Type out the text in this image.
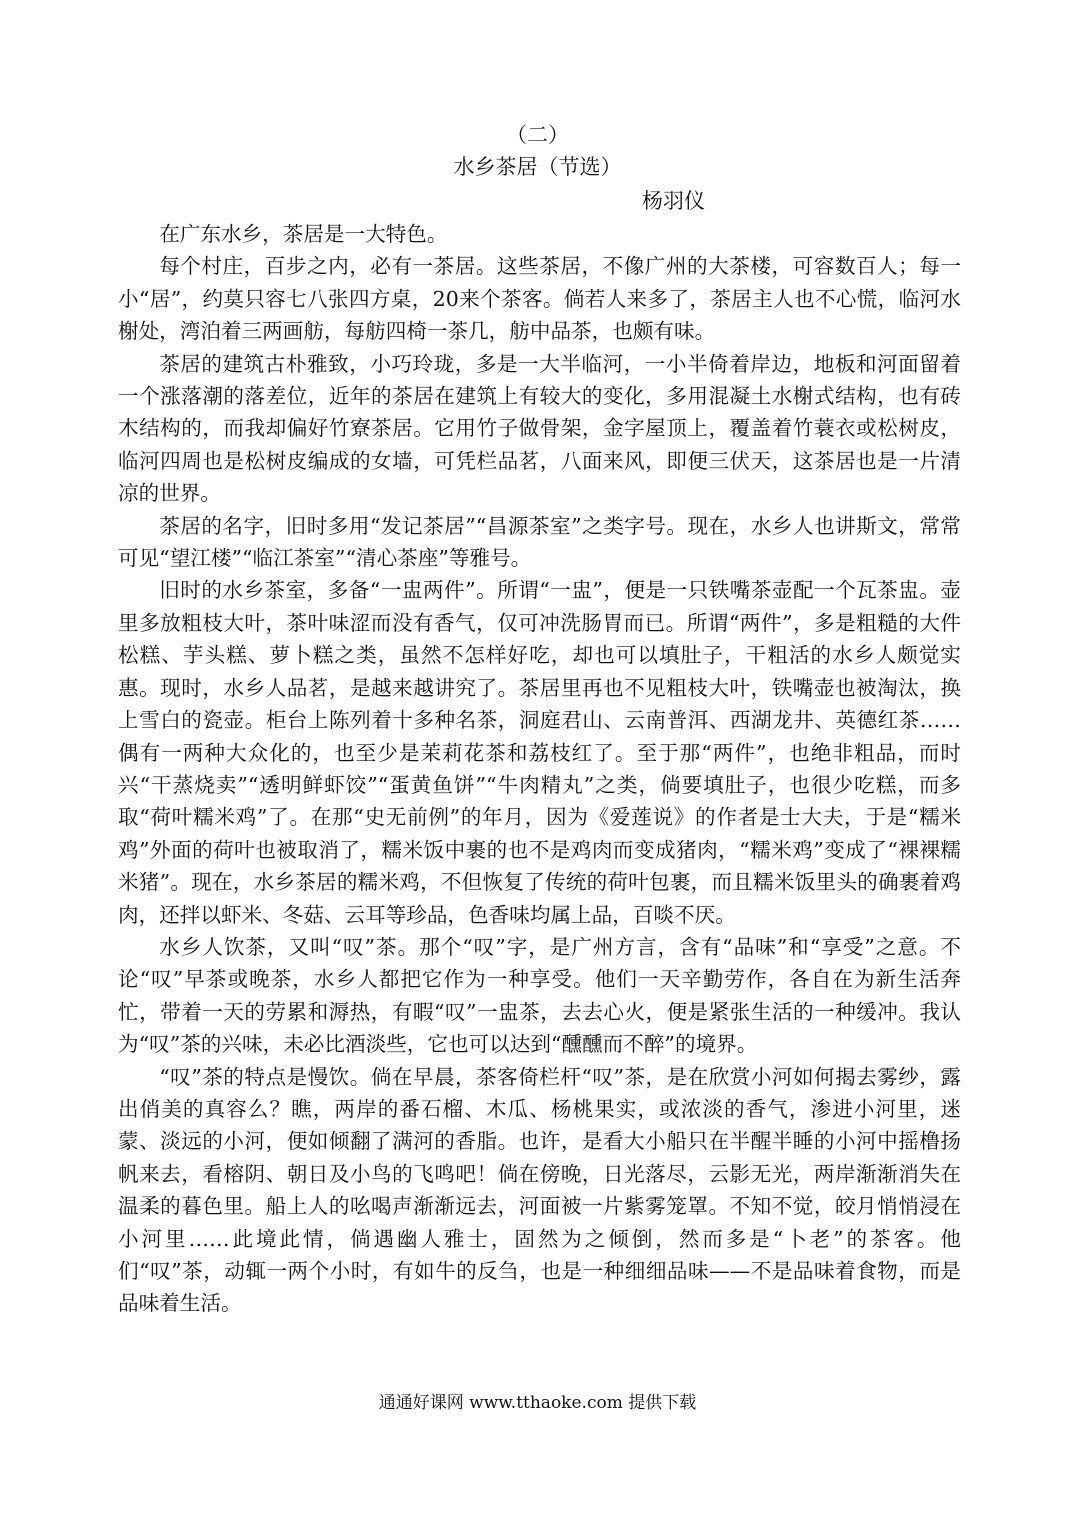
（二）
水乡茶居（节选）
杨羽仪

在广东水乡，茶居是一大特色。

每个村庄，百步之内，必有一茶居。这些茶居，不像广州的大茶楼，可容数百人；每一小“居”，约莫只容七八张四方桌，20来个茶客。倘若人来多了，茶居主人也不心慌，临河水榭处，湾泊着三两画舫，每舫四椅一茶几，舫中品茶，也颇有味。

茶居的建筑古朴雅致，小巧玲珑，多是一大半临河，一小半倚着岸边，地板和河面留着一个涨落潮的落差位，近年的茶居在建筑上有较大的变化，多用混凝土水榭式结构，也有砖木结构的，而我却偏好竹寮茶居。它用竹子做骨架，金字屋顶上，覆盖着竹蓑衣或松树皮，临河四周也是松树皮编成的女墙，可凭栏品茗，八面来风，即便三伏天，这茶居也是一片清凉的世界。

茶居的名字，旧时多用“发记茶居”“昌源茶室”之类字号。现在，水乡人也讲斯文，常常可见“望江楼”“临江茶室”“清心茶座”等雅号。

旧时的水乡茶室，多备“一盅两件”。所谓“一盅”，便是一只铁嘴茶壶配一个瓦茶盅。壶里多放粗枝大叶，茶叶味涩而没有香气，仅可冲洗肠胃而已。所谓“两件”，多是粗糙的大件松糕、芋头糕、萝卜糕之类，虽然不怎样好吃，却也可以填肚子，干粗活的水乡人颇觉实惠。现时，水乡人品茗，是越来越讲究了。茶居里再也不见粗枝大叶，铁嘴壶也被淘汰，换上雪白的瓷壶。柜台上陈列着十多种名茶，洞庭君山、云南普洱、西湖龙井、英德红茶……偶有一两种大众化的，也至少是茉莉花茶和荔枝红了。至于那“两件”，也绝非粗品，而时兴“干蒸烧卖”“透明鲜虾饺”“蛋黄鱼饼”“牛肉精丸”之类，倘要填肚子，也很少吃糕，而多取“荷叶糯米鸡”了。在那“史无前例”的年月，因为《爱莲说》的作者是士大夫，于是“糯米鸡”外面的荷叶也被取消了，糯米饭中裹的也不是鸡肉而变成猪肉，“糯米鸡”变成了“裸裸糯米猪”。现在，水乡茶居的糯米鸡，不但恢复了传统的荷叶包裹，而且糯米饭里头的确裹着鸡肉，还拌以虾米、冬菇、云耳等珍品，色香味均属上品，百啖不厌。

水乡人饮茶，又叫“叹”茶。那个“叹”字，是广州方言，含有“品味”和“享受”之意。不论“叹”早茶或晚茶，水乡人都把它作为一种享受。他们一天辛勤劳作，各自在为新生活奔忙，带着一天的劳累和溽热，有暇“叹”一盅茶，去去心火，便是紧张生活的一种缓冲。我认为“叹”茶的兴味，未必比酒淡些，它也可以达到“醺醺而不醉”的境界。

“叹”茶的特点是慢饮。倘在早晨，茶客倚栏杆“叹”茶，是在欣赏小河如何揭去雾纱，露出俏美的真容么？瞧，两岸的番石榴、木瓜、杨桃果实，或浓淡的香气，渗进小河里，迷蒙、淡远的小河，便如倾翻了满河的香脂。也许，是看大小船只在半醒半睡的小河中摇橹扬帆来去，看榕阴、朝日及小鸟的飞鸣吧！倘在傍晚，日光落尽，云影无光，两岸渐渐消失在温柔的暮色里。船上人的吆喝声渐渐远去，河面被一片紫雾笼罩。不知不觉，皎月悄悄浸在小河里……此境此情，倘遇幽人雅士，固然为之倾倒，然而多是“卜老”的茶客。他们“叹”茶，动辄一两个小时，有如牛的反刍，也是一种细细品味——不是品味着食物，而是品味着生活。

通通好课网 www.tthaoke.com 提供下载
